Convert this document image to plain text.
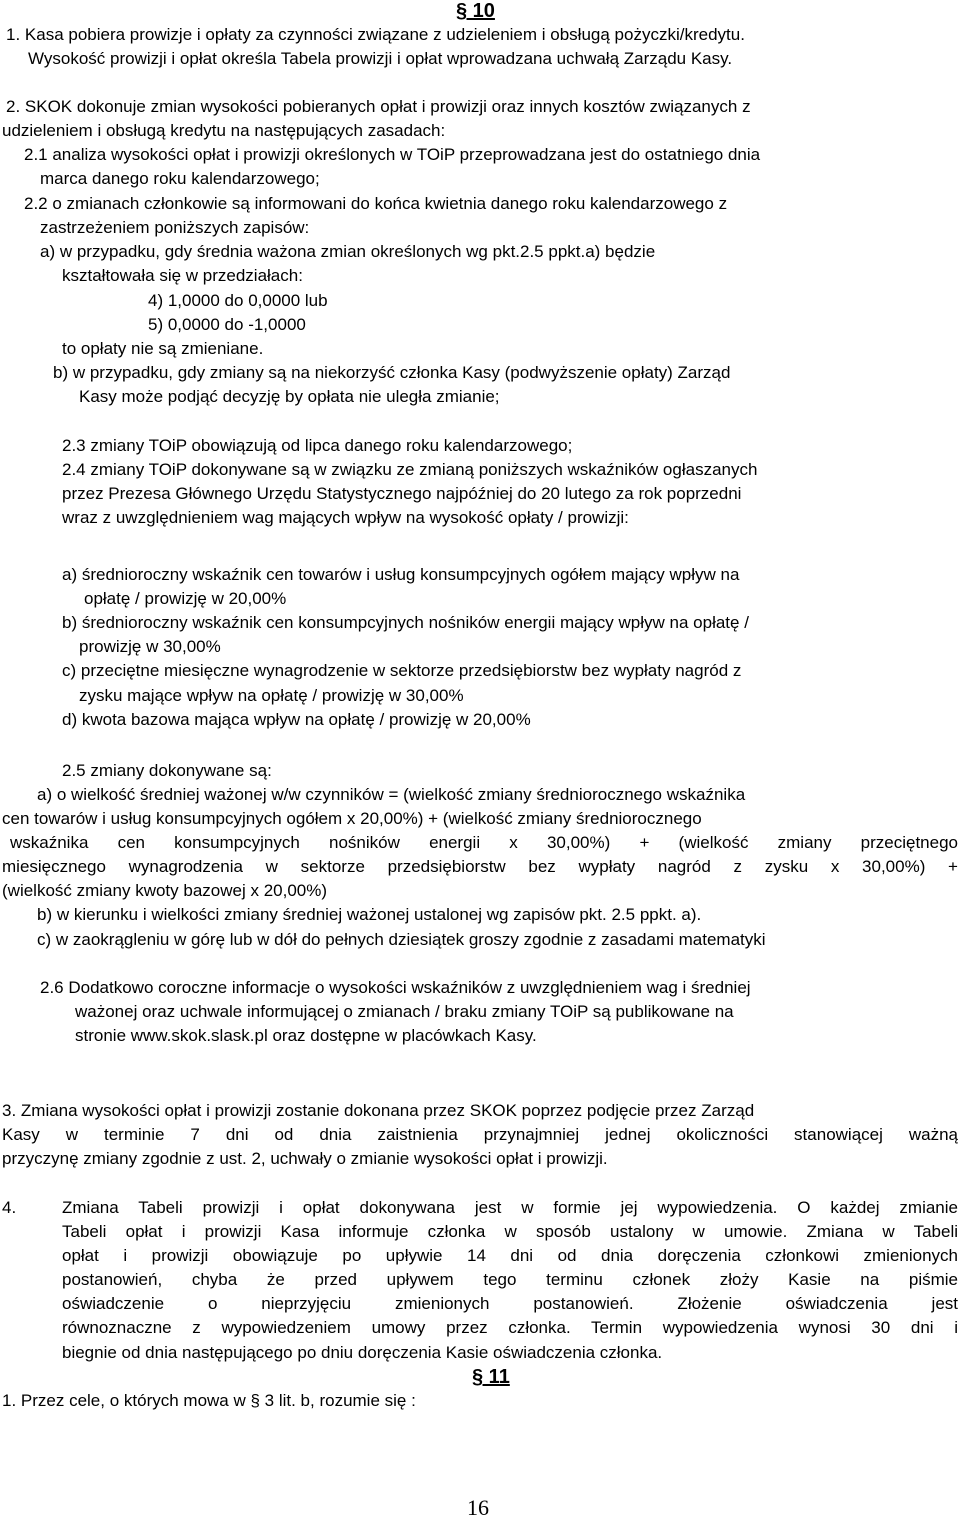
§ 10
1. Kasa pobiera prowizje i opłaty za czynności związane z udzieleniem i obsługą pożyczki/kredytu.
Wysokość prowizji i opłat określa Tabela prowizji i opłat wprowadzana uchwałą Zarządu Kasy.
2. SKOK dokonuje zmian wysokości pobieranych opłat i prowizji oraz innych kosztów związanych z
udzieleniem i obsługą kredytu na następujących zasadach:
2.1 analiza wysokości opłat i prowizji określonych w TOiP przeprowadzana jest do ostatniego dnia
marca danego roku kalendarzowego;
2.2 o zmianach członkowie są informowani do końca kwietnia danego roku kalendarzowego z
zastrzeżeniem poniższych zapisów:
a) w przypadku, gdy średnia ważona zmian określonych wg pkt.2.5 ppkt.a) będzie
kształtowała się w przedziałach:
4) 1,0000 do 0,0000 lub
5) 0,0000 do -1,0000
to opłaty nie są zmieniane.
b) w przypadku, gdy zmiany są na niekorzyść członka Kasy (podwyższenie opłaty) Zarząd
Kasy może podjąć decyzję by opłata nie uległa zmianie;
2.3 zmiany TOiP obowiązują od lipca danego roku kalendarzowego;
2.4 zmiany TOiP dokonywane są w związku ze zmianą poniższych wskaźników ogłaszanych
przez Prezesa Głównego Urzędu Statystycznego najpóźniej do 20 lutego za rok poprzedni
wraz z uwzględnieniem wag mających wpływ na wysokość opłaty / prowizji:
a) średnioroczny wskaźnik cen towarów i usług konsumpcyjnych ogółem mający wpływ na
opłatę / prowizję w 20,00%
b) średnioroczny wskaźnik cen konsumpcyjnych nośników energii mający wpływ na opłatę /
prowizję w 30,00%
c) przeciętne miesięczne wynagrodzenie w sektorze przedsiębiorstw bez wypłaty nagród z
zysku mające wpływ na opłatę / prowizję w 30,00%
d) kwota bazowa mająca wpływ na opłatę / prowizję w 20,00%
2.5 zmiany dokonywane są:
a) o wielkość średniej ważonej w/w czynników = (wielkość zmiany średniorocznego wskaźnika
cen towarów i usług konsumpcyjnych ogółem x 20,00%) + (wielkość zmiany średniorocznego
wskaźnika cen konsumpcyjnych nośników energii x 30,00%) + (wielkość zmiany przeciętnego
miesięcznego wynagrodzenia w sektorze przedsiębiorstw bez wypłaty nagród z zysku x 30,00%) +
(wielkość zmiany kwoty bazowej x 20,00%)
b) w kierunku i wielkości zmiany średniej ważonej ustalonej wg zapisów pkt. 2.5 ppkt. a).
c) w zaokrągleniu w górę lub w dół do pełnych dziesiątek groszy zgodnie z zasadami matematyki
2.6 Dodatkowo coroczne informacje o wysokości wskaźników z uwzględnieniem wag i średniej
ważonej oraz uchwale informującej o zmianach / braku zmiany TOiP są publikowane na
stronie www.skok.slask.pl oraz dostępne w placówkach Kasy.
3. Zmiana wysokości opłat i prowizji zostanie dokonana przez SKOK poprzez podjęcie przez Zarząd
Kasy w terminie 7 dni od dnia zaistnienia przynajmniej jednej okoliczności stanowiącej ważną
przyczynę zmiany zgodnie z ust. 2, uchwały o zmianie wysokości opłat i prowizji.
4.	Zmiana Tabeli prowizji i opłat dokonywana jest w formie jej wypowiedzenia. O każdej zmianie
Tabeli opłat i prowizji Kasa informuje członka w sposób ustalony w umowie. Zmiana w Tabeli
opłat i prowizji obowiązuje po upływie 14 dni od dnia doręczenia członkowi zmienionych
postanowień, chyba że przed upływem tego terminu członek złoży Kasie na piśmie
oświadczenie o nieprzyjęciu zmienionych postanowień. Złożenie oświadczenia jest
równoznaczne z wypowiedzeniem umowy przez członka. Termin wypowiedzenia wynosi 30 dni i
biegnie od dnia następującego po dniu doręczenia Kasie oświadczenia członka.
§ 11
1. Przez cele, o których mowa w § 3 lit. b, rozumie się :
16
